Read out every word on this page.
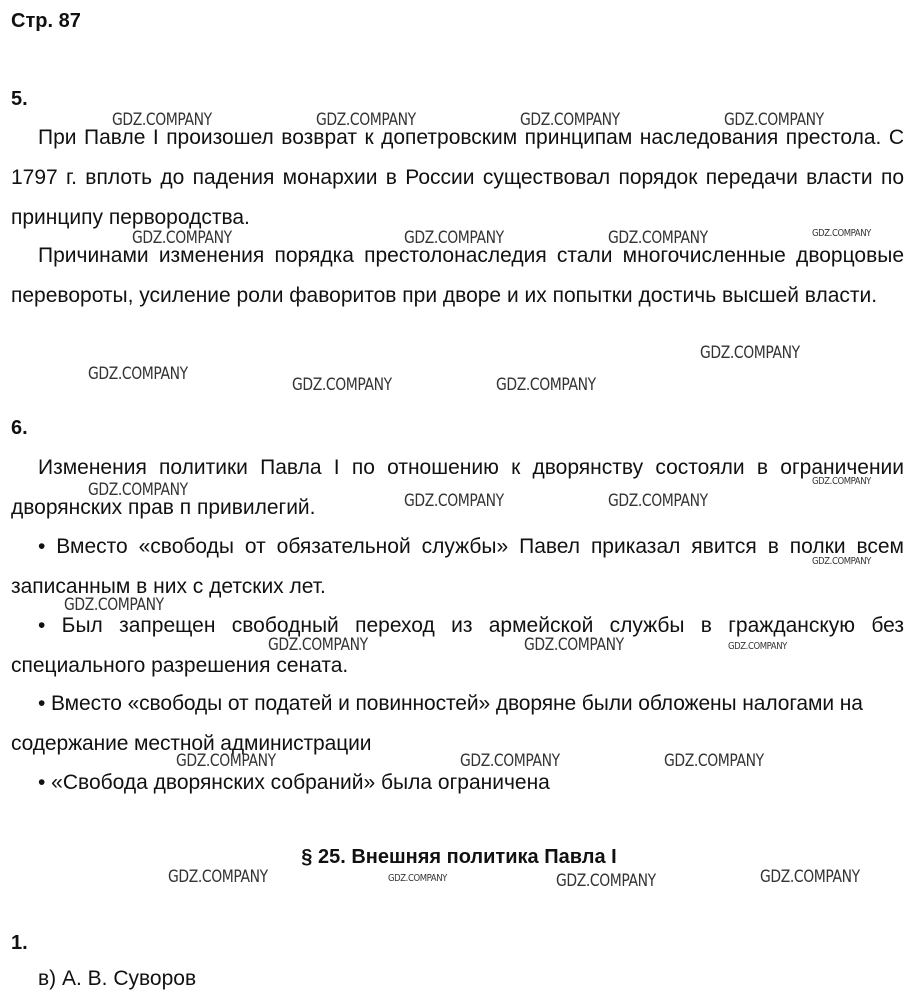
Стр. 87
5.

При Павле I произошел возврат к допетровским принципам наследования престола. С 1797 г. вплоть до падения монархии в России существовал порядок передачи власти по принципу первородства.

Причинами изменения порядка престолонаследия стали многочисленные дворцовые перевороты, усиление роли фаворитов при дворе и их попытки достичь высшей власти.

6.

Изменения политики Павла I по отношению к дворянству состояли в ограничении дворянских прав п привилегий.

• Вместо «свободы от обязательной службы» Павел приказал явится в полки всем записанным в них с детских лет.

• Был запрещен свободный переход из армейской службы в гражданскую без специального разрешения сената.

• Вместо «свободы от податей и повинностей» дворяне были обложены налогами на содержание местной администрации

• «Свобода дворянских собраний» была ограничена

§ 25. Внешняя политика Павла I
1.
в) А. В. Суворов
GDZ.COMPANY	GDZ.COMPANY	GDZ.COMPANY	GDZ.COMPANY
GDZ.COMPANY	GDZ.COMPANY	GDZ.COMPANY	GDZ.COMPANY
GDZ.COMPANY
GDZ.COMPANY
GDZ.COMPANY	GDZ.COMPANY
GDZ.COMPANY
GDZ.COMPANY
GDZ.COMPANY	GDZ.COMPANY
GDZ.COMPANY
GDZ.COMPANY
GDZ.COMPANY	GDZ.COMPANY	GDZ.COMPANY
GDZ.COMPANY	GDZ.COMPANY	GDZ.COMPANY
GDZ.COMPANY	GDZ.COMPANY	GDZ.COMPANY	GDZ.COMPANY
